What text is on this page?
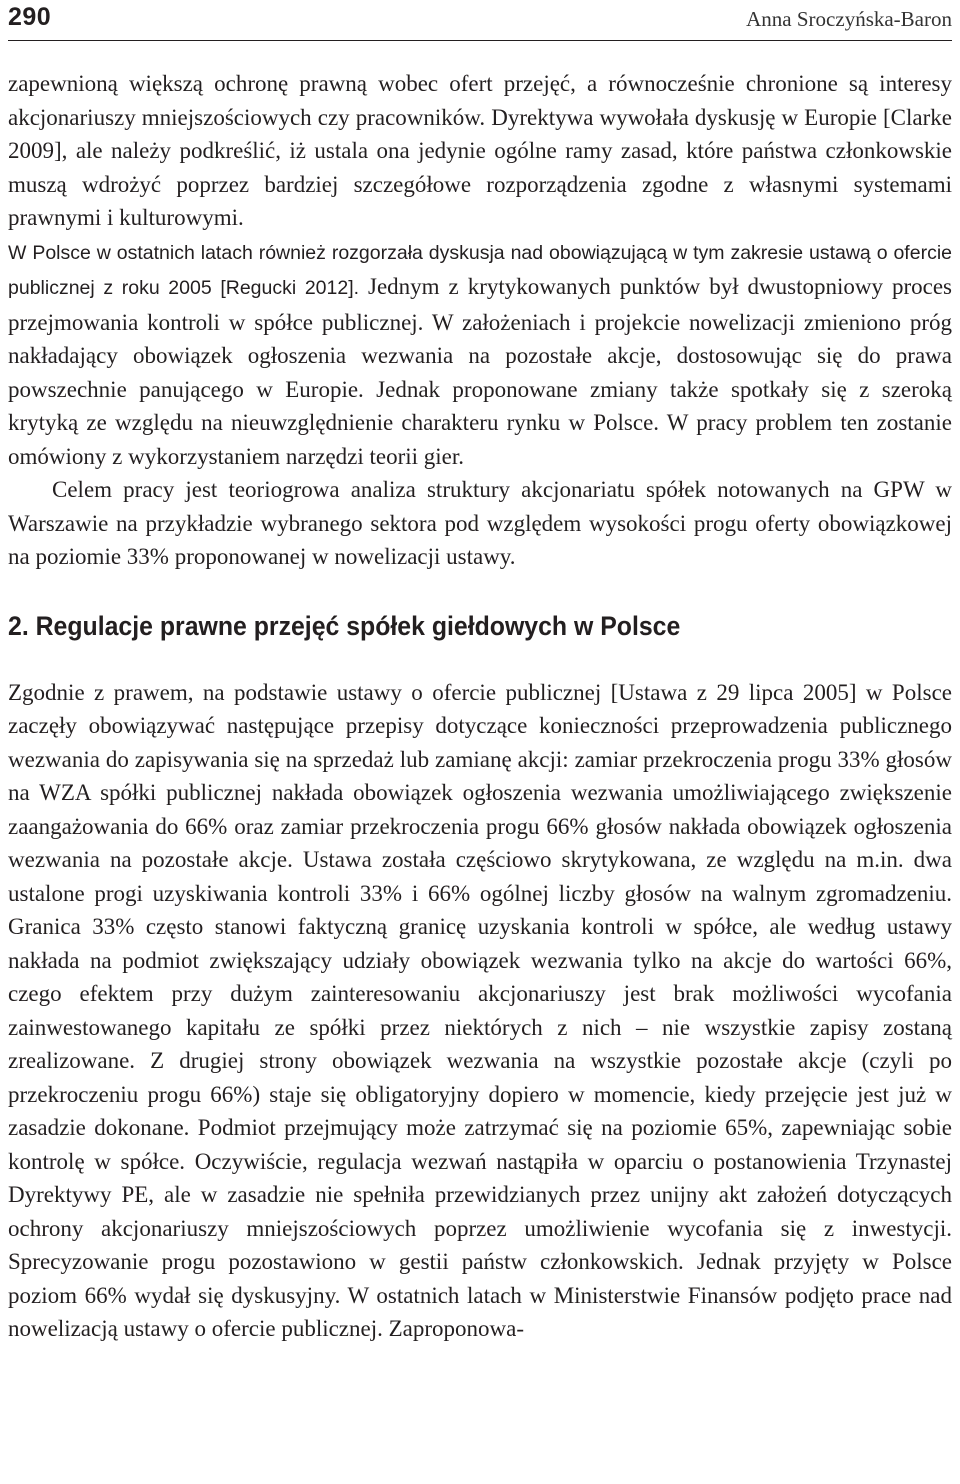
290	Anna Sroczyńska-Baron

zapewnioną większą ochronę prawną wobec ofert przejęć, a równocześnie chronione są interesy akcjonariuszy mniejszościowych czy pracowników. Dyrektywa wywołała dyskusję w Europie [Clarke 2009], ale należy podkreślić, iż ustala ona jedynie ogólne ramy zasad, które państwa członkowskie muszą wdrożyć poprzez bardziej szczegółowe rozporządzenia zgodne z własnymi systemami prawnymi i kulturowymi.

W Polsce w ostatnich latach również rozgorzała dyskusja nad obowiązującą w tym zakresie ustawą o ofercie publicznej z roku 2005 [Regucki 2012]. Jednym z krytykowanych punktów był dwustopniowy proces przejmowania kontroli w spółce publicznej. W założeniach i projekcie nowelizacji zmieniono próg nakładający obowiązek ogłoszenia wezwania na pozostałe akcje, dostosowując się do prawa powszechnie panującego w Europie. Jednak proponowane zmiany także spotkały się z szeroką krytyką ze względu na nieuwzględnienie charakteru rynku w Polsce. W pracy problem ten zostanie omówiony z wykorzystaniem narzędzi teorii gier.

Celem pracy jest teoriogrowa analiza struktury akcjonariatu spółek notowanych na GPW w Warszawie na przykładzie wybranego sektora pod względem wysokości progu oferty obowiązkowej na poziomie 33% proponowanej w nowelizacji ustawy.

2. Regulacje prawne przejęć spółek giełdowych w Polsce

Zgodnie z prawem, na podstawie ustawy o ofercie publicznej [Ustawa z 29 lipca 2005] w Polsce zaczęły obowiązywać następujące przepisy dotyczące konieczności przeprowadzenia publicznego wezwania do zapisywania się na sprzedaż lub zamianę akcji: zamiar przekroczenia progu 33% głosów na WZA spółki publicznej nakłada obowiązek ogłoszenia wezwania umożliwiającego zwiększenie zaangażowania do 66% oraz zamiar przekroczenia progu 66% głosów nakłada obowiązek ogłoszenia wezwania na pozostałe akcje. Ustawa została częściowo skrytykowana, ze względu na m.in. dwa ustalone progi uzyskiwania kontroli 33% i 66% ogólnej liczby głosów na walnym zgromadzeniu. Granica 33% często stanowi faktyczną granicę uzyskania kontroli w spółce, ale według ustawy nakłada na podmiot zwiększający udziały obowiązek wezwania tylko na akcje do wartości 66%, czego efektem przy dużym zainteresowaniu akcjonariuszy jest brak możliwości wycofania zainwestowanego kapitału ze spółki przez niektórych z nich – nie wszystkie zapisy zostaną zrealizowane. Z drugiej strony obowiązek wezwania na wszystkie pozostałe akcje (czyli po przekroczeniu progu 66%) staje się obligatoryjny dopiero w momencie, kiedy przejęcie jest już w zasadzie dokonane. Podmiot przejmujący może zatrzymać się na poziomie 65%, zapewniając sobie kontrolę w spółce. Oczywiście, regulacja wezwań nastąpiła w oparciu o postanowienia Trzynastej Dyrektywy PE, ale w zasadzie nie spełniła przewidzianych przez unijny akt założeń dotyczących ochrony akcjonariuszy mniejszościowych poprzez umożliwienie wycofania się z inwestycji. Sprecyzowanie progu pozostawiono w gestii państw członkowskich. Jednak przyjęty w Polsce poziom 66% wydał się dyskusyjny. W ostatnich latach w Ministerstwie Finansów podjęto prace nad nowelizacją ustawy o ofercie publicznej. Zaproponowa-
